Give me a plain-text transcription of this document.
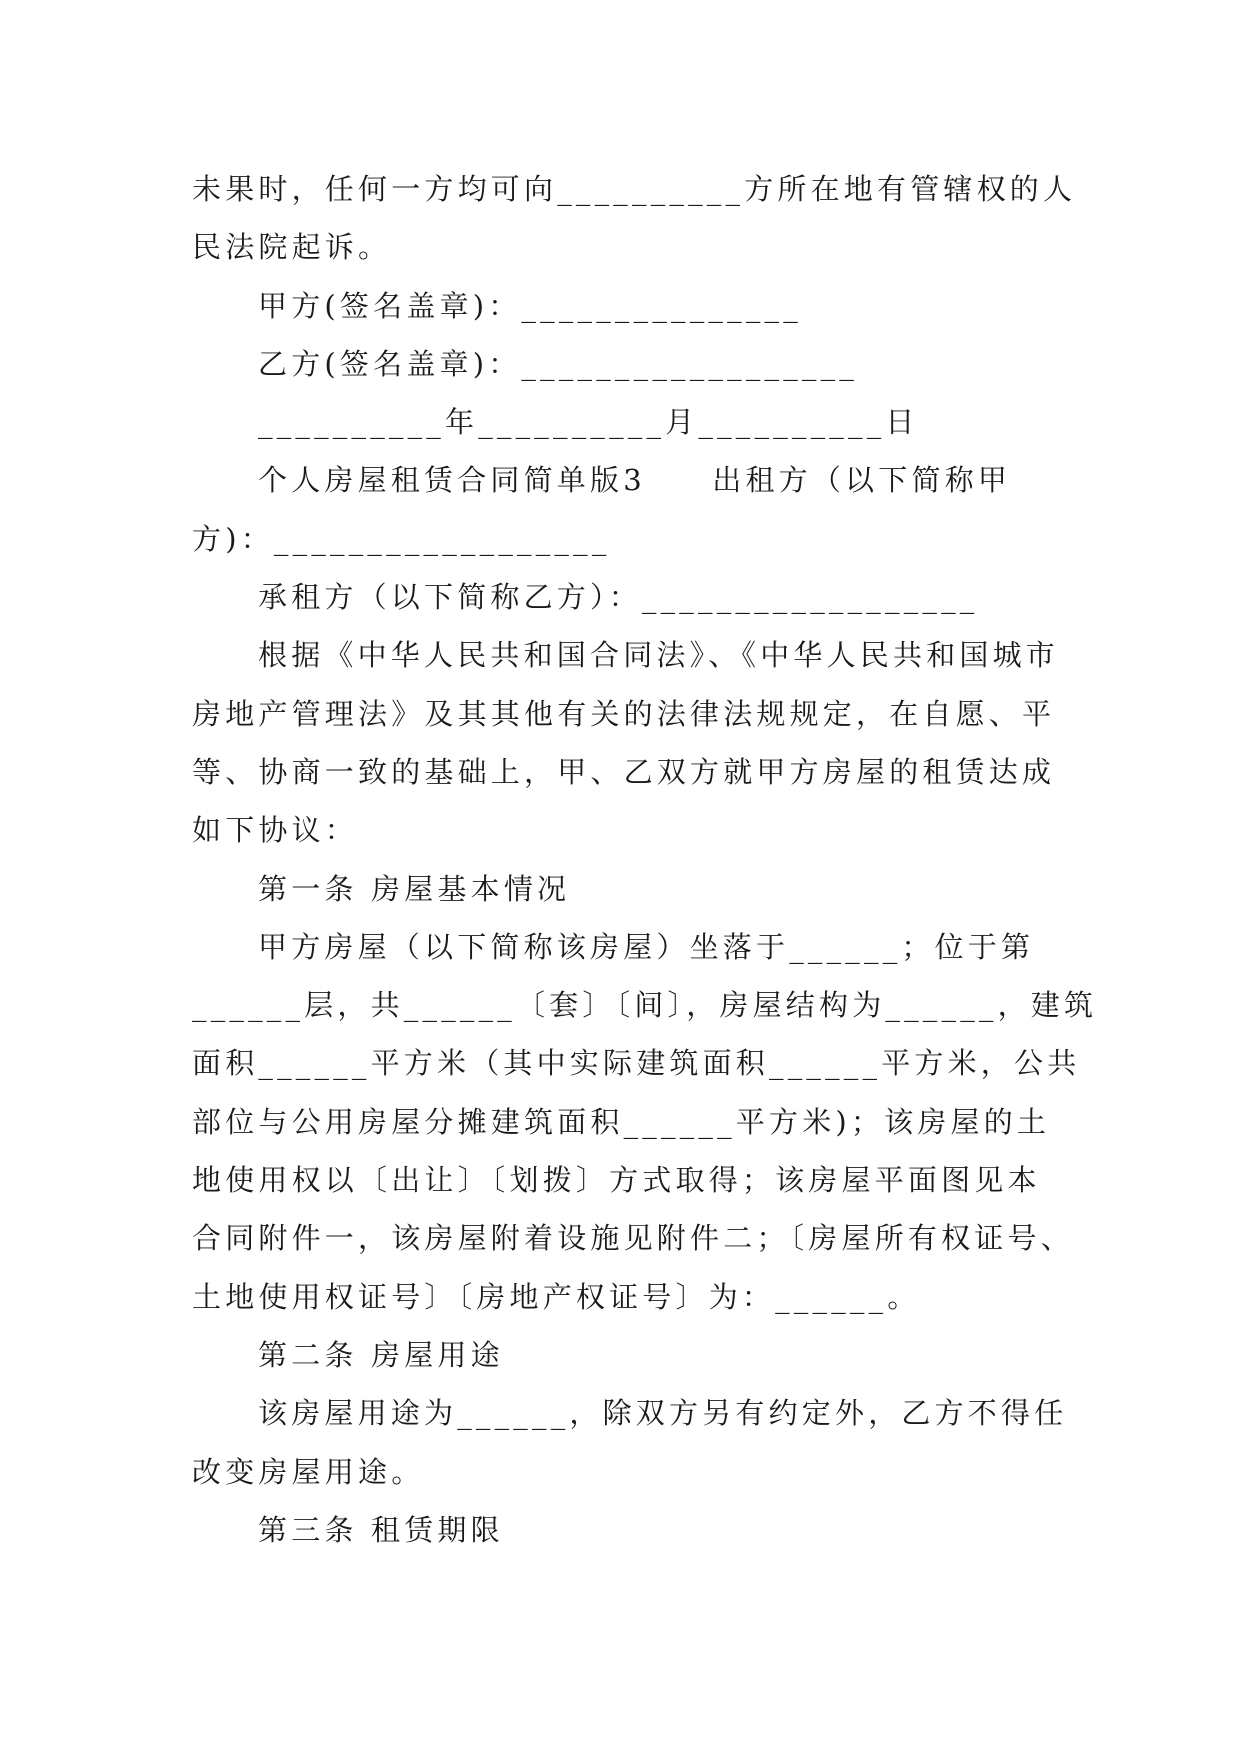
未果时，任何一方均可向__________方所在地有管辖权的人
民法院起诉。
甲方(签名盖章)：_______________
乙方(签名盖章)：__________________
__________年__________月__________日
个人房屋租赁合同简单版3　　出租方（以下简称甲
方)：__________________
承租方（以下简称乙方）：__________________
根据《中华人民共和国合同法》、《中华人民共和国城市
房地产管理法》及其其他有关的法律法规规定，在自愿、平
等、协商一致的基础上，甲、乙双方就甲方房屋的租赁达成
如下协议：
第一条 房屋基本情况
甲方房屋（以下简称该房屋）坐落于______；位于第
______层，共______〔套〕〔间〕，房屋结构为______，建筑
面积______平方米（其中实际建筑面积______平方米，公共
部位与公用房屋分摊建筑面积______平方米)；该房屋的土
地使用权以〔出让〕〔划拨〕方式取得；该房屋平面图见本
合同附件一，该房屋附着设施见附件二；〔房屋所有权证号、
土地使用权证号〕〔房地产权证号〕为：______。
第二条 房屋用途
该房屋用途为______，除双方另有约定外，乙方不得任
改变房屋用途。
第三条 租赁期限
